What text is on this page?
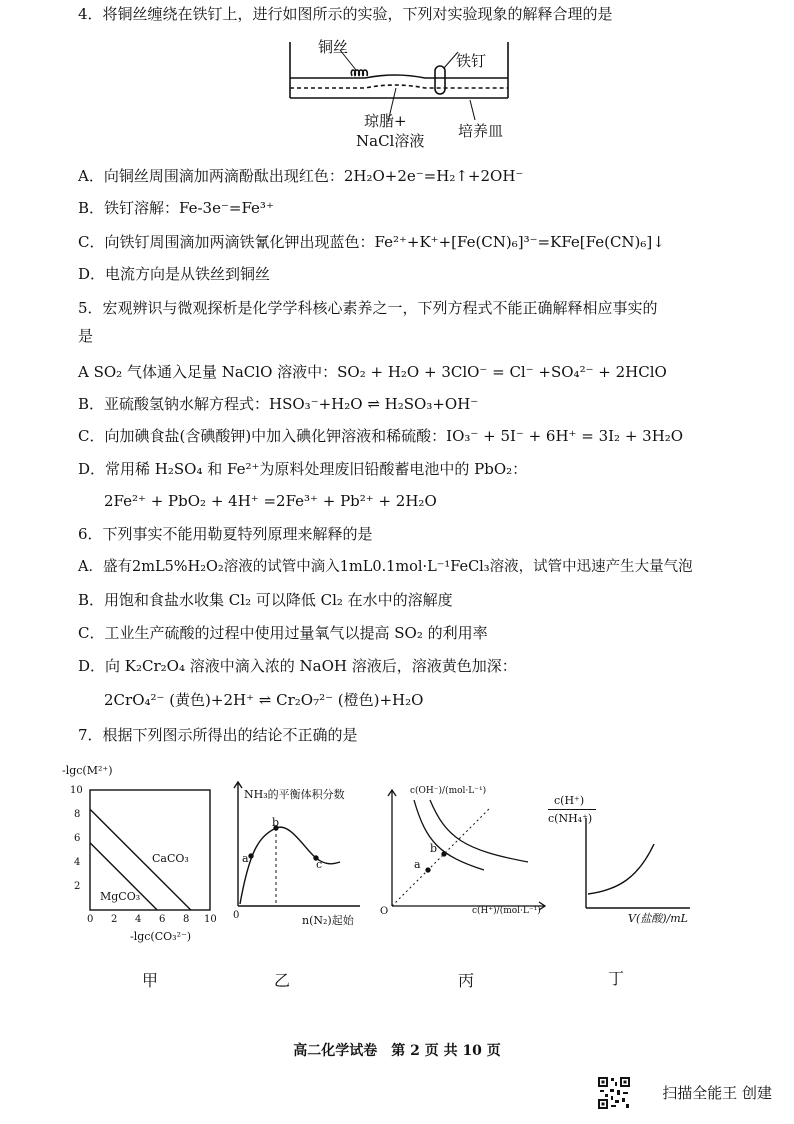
4．将铜丝缠绕在铁钉上，进行如图所示的实验，下列对实验现象的解释合理的是
铜丝
铁钉
琼脂+
NaCl溶液
培养皿
A．向铜丝周围滴加两滴酚酞出现红色：2H₂O+2e⁻=H₂↑+2OH⁻
B．铁钉溶解：Fe-3e⁻=Fe³⁺
C．向铁钉周围滴加两滴铁氰化钾出现蓝色：Fe²⁺+K⁺+[Fe(CN)₆]³⁻=KFe[Fe(CN)₆]↓
D．电流方向是从铁丝到铜丝
5．宏观辨识与微观探析是化学学科核心素养之一，下列方程式不能正确解释相应事实的
是
A SO₂ 气体通入足量 NaClO 溶液中：SO₂ + H₂O + 3ClO⁻ = Cl⁻ +SO₄²⁻ + 2HClO
B．亚硫酸氢钠水解方程式：HSO₃⁻+H₂O ⇌ H₂SO₃+OH⁻
C．向加碘食盐(含碘酸钾)中加入碘化钾溶液和稀硫酸：IO₃⁻ + 5I⁻ + 6H⁺ = 3I₂ + 3H₂O
D．常用稀 H₂SO₄ 和 Fe²⁺为原料处理废旧铅酸蓄电池中的 PbO₂：
2Fe²⁺ + PbO₂ + 4H⁺ =2Fe³⁺ + Pb²⁺ + 2H₂O
6．下列事实不能用勒夏特列原理来解释的是
A．盛有2mL5%H₂O₂溶液的试管中滴入1mL0.1mol·L⁻¹FeCl₃溶液，试管中迅速产生大量气泡
B．用饱和食盐水收集 Cl₂ 可以降低 Cl₂ 在水中的溶解度
C．工业生产硫酸的过程中使用过量氧气以提高 SO₂ 的利用率
D．向 K₂Cr₂O₄ 溶液中滴入浓的 NaOH 溶液后，溶液黄色加深：
2CrO₄²⁻ (黄色)+2H⁺ ⇌ Cr₂O₇²⁻ (橙色)+H₂O
7．根据下列图示所得出的结论不正确的是
-lgc(M²⁺)
10
8
6
4
2
0 2 4 6 8 10
CaCO₃
MgCO₃
-lgc(CO₃²⁻)
NH₃的平衡体积分数
a
b
c
0	n(N₂)起始
c(OH⁻)/(mol·L⁻¹)
a
b
O	c(H⁺)/(mol·L⁻¹)
c(H⁺)
c(NH₄⁺)
V(盐酸)/mL
甲	乙	丙	丁
高二化学试卷　第 2 页 共 10 页
扫描全能王 创建
